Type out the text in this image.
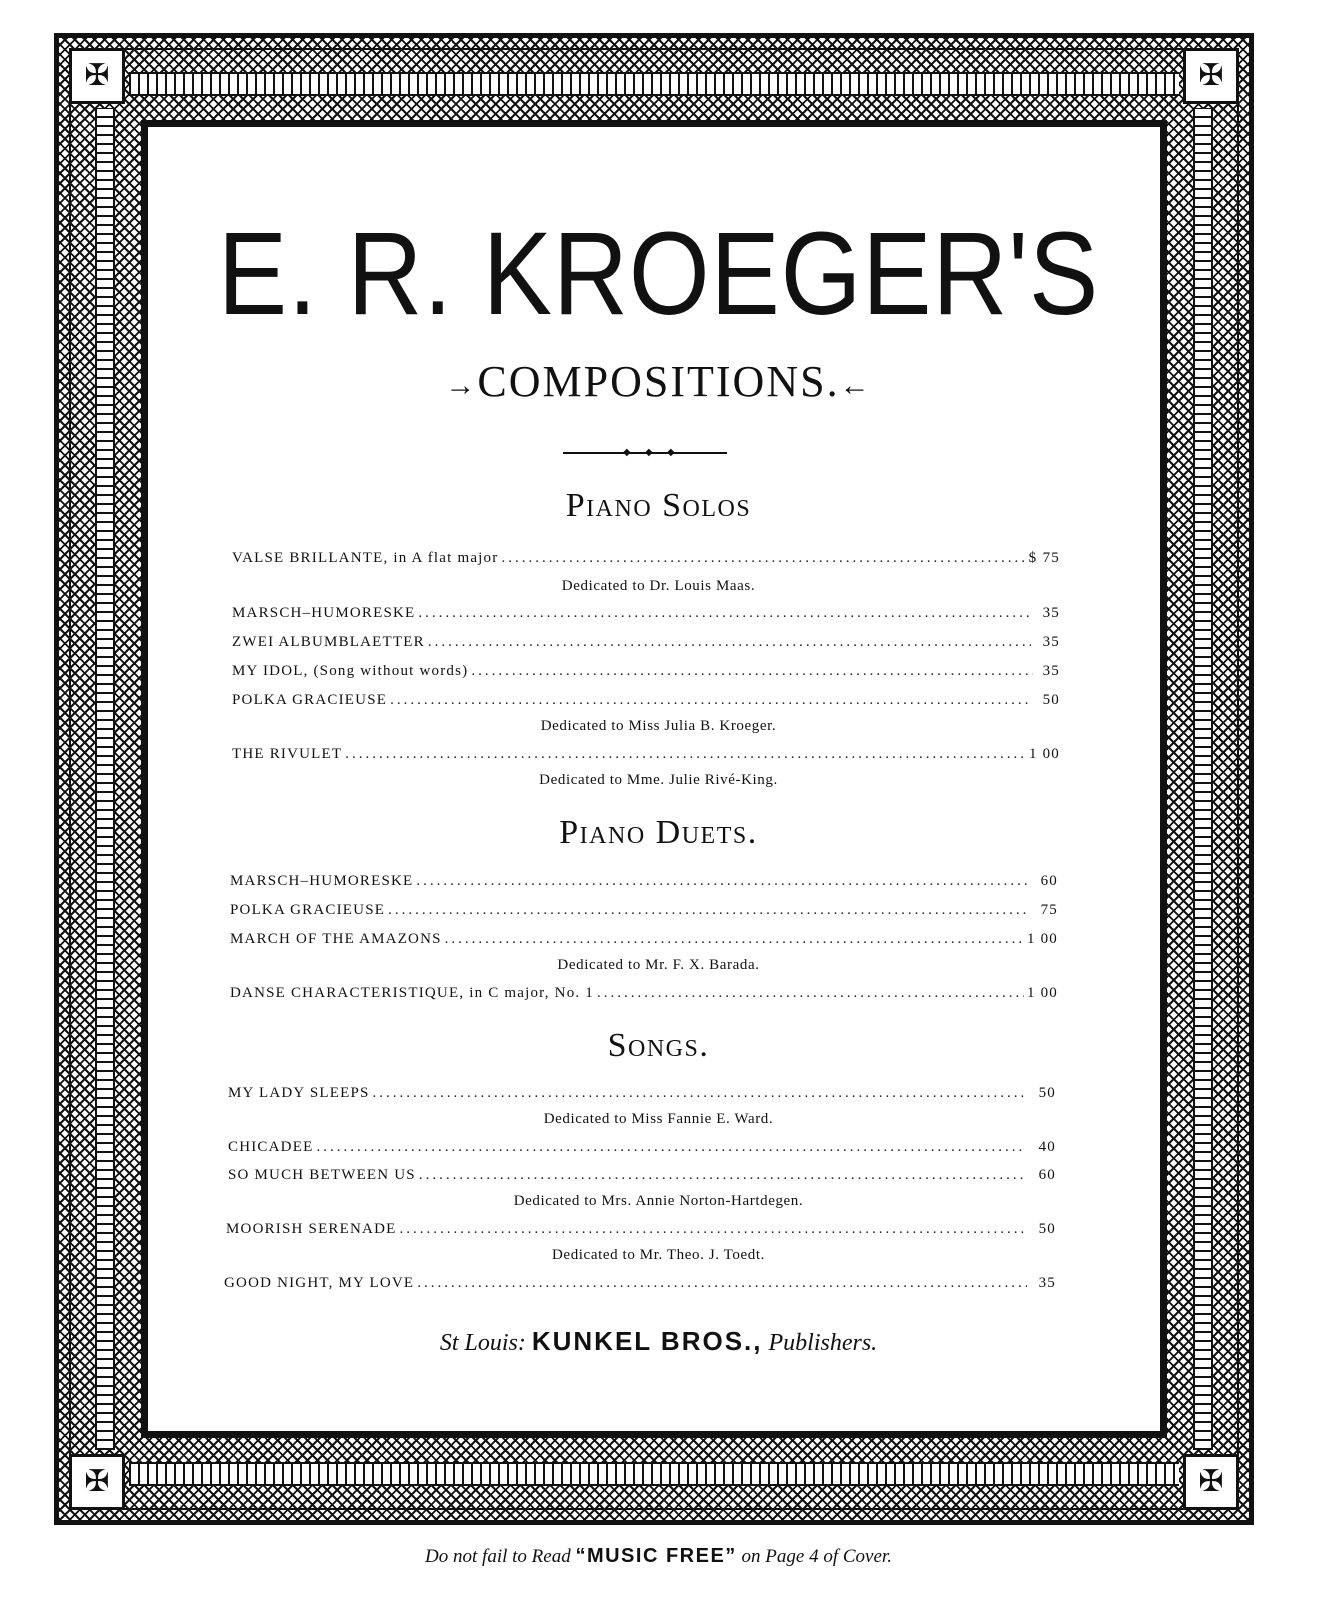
✠	✠
✠	✠
E. R. KROEGER'S
→COMPOSITIONS.←
◆ ◆ ◆
Piano Solos
VALSE BRILLANTE, in A flat major .....	$ 75
Dedicated to Dr. Louis Maas.
MARSCH–HUMORESKE .....	35
ZWEI ALBUMBLAETTER .....	35
MY IDOL, (Song without words) .....	35
POLKA GRACIEUSE .....	50
Dedicated to Miss Julia B. Kroeger.
THE RIVULET .....	1 00
Dedicated to Mme. Julie Rivé-King.
Piano Duets.
MARSCH–HUMORESKE .....	60
POLKA GRACIEUSE .....	75
MARCH OF THE AMAZONS .....	1 00
Dedicated to Mr. F. X. Barada.
DANSE CHARACTERISTIQUE, in C major, No. 1 .....	1 00
Songs.
MY LADY SLEEPS .....	50
Dedicated to Miss Fannie E. Ward.
CHICADEE .....	40
SO MUCH BETWEEN US .....	60
Dedicated to Mrs. Annie Norton-Hartdegen.
MOORISH SERENADE .....	50
Dedicated to Mr. Theo. J. Toedt.
GOOD NIGHT, MY LOVE .....	35
St Louis: KUNKEL BROS., Publishers.
Do not fail to Read “MUSIC FREE” on Page 4 of Cover.
